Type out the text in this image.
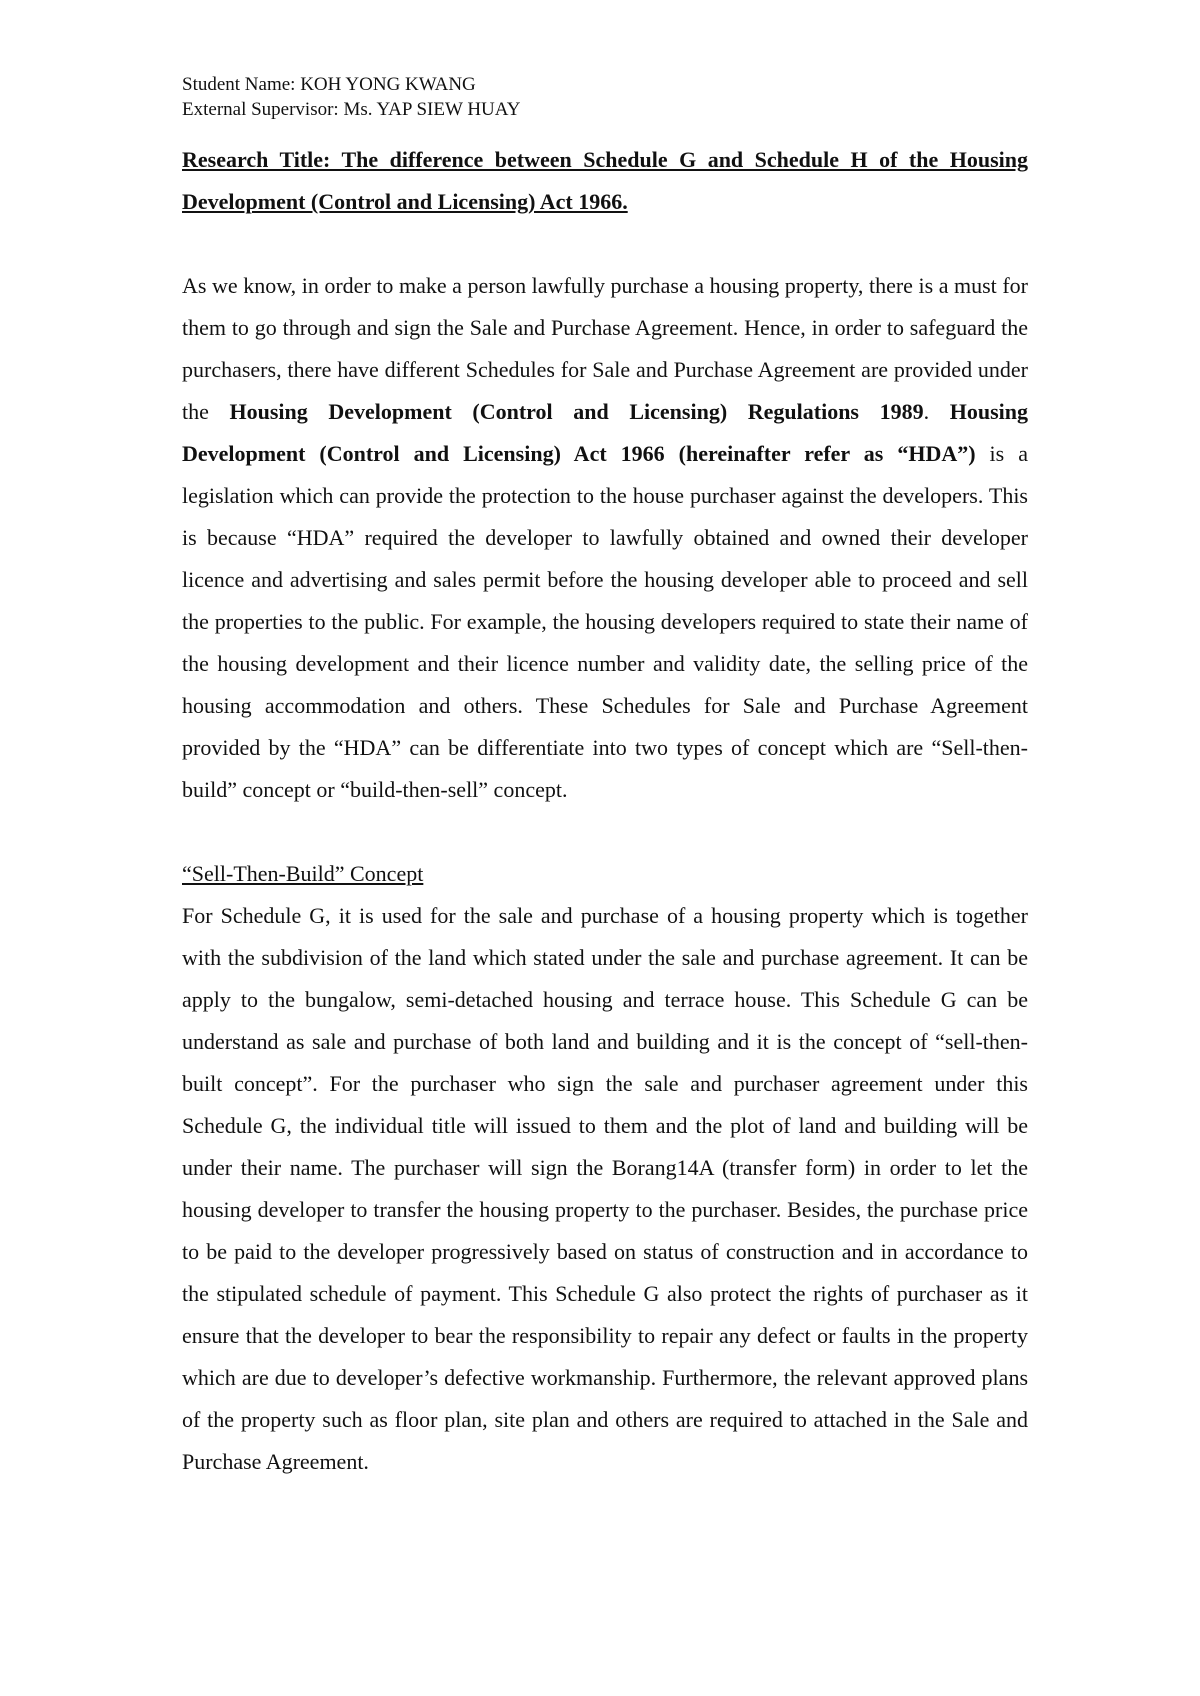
Student Name: KOH YONG KWANG
External Supervisor: Ms. YAP SIEW HUAY

Research Title: The difference between Schedule G and Schedule H of the Housing Development (Control and Licensing) Act 1966.

As we know, in order to make a person lawfully purchase a housing property, there is a must for them to go through and sign the Sale and Purchase Agreement. Hence, in order to safeguard the purchasers, there have different Schedules for Sale and Purchase Agreement are provided under the Housing Development (Control and Licensing) Regulations 1989. Housing Development (Control and Licensing) Act 1966 (hereinafter refer as “HDA”) is a legislation which can provide the protection to the house purchaser against the developers. This is because “HDA” required the developer to lawfully obtained and owned their developer licence and advertising and sales permit before the housing developer able to proceed and sell the properties to the public. For example, the housing developers required to state their name of the housing development and their licence number and validity date, the selling price of the housing accommodation and others. These Schedules for Sale and Purchase Agreement provided by the “HDA” can be differentiate into two types of concept which are “Sell-then-build” concept or “build-then-sell” concept.

“Sell-Then-Build” Concept

For Schedule G, it is used for the sale and purchase of a housing property which is together with the subdivision of the land which stated under the sale and purchase agreement. It can be apply to the bungalow, semi-detached housing and terrace house. This Schedule G can be understand as sale and purchase of both land and building and it is the concept of “sell-then-built concept”. For the purchaser who sign the sale and purchaser agreement under this Schedule G, the individual title will issued to them and the plot of land and building will be under their name. The purchaser will sign the Borang14A (transfer form) in order to let the housing developer to transfer the housing property to the purchaser. Besides, the purchase price to be paid to the developer progressively based on status of construction and in accordance to the stipulated schedule of payment. This Schedule G also protect the rights of purchaser as it ensure that the developer to bear the responsibility to repair any defect or faults in the property which are due to developer’s defective workmanship. Furthermore, the relevant approved plans of the property such as floor plan, site plan and others are required to attached in the Sale and Purchase Agreement.
